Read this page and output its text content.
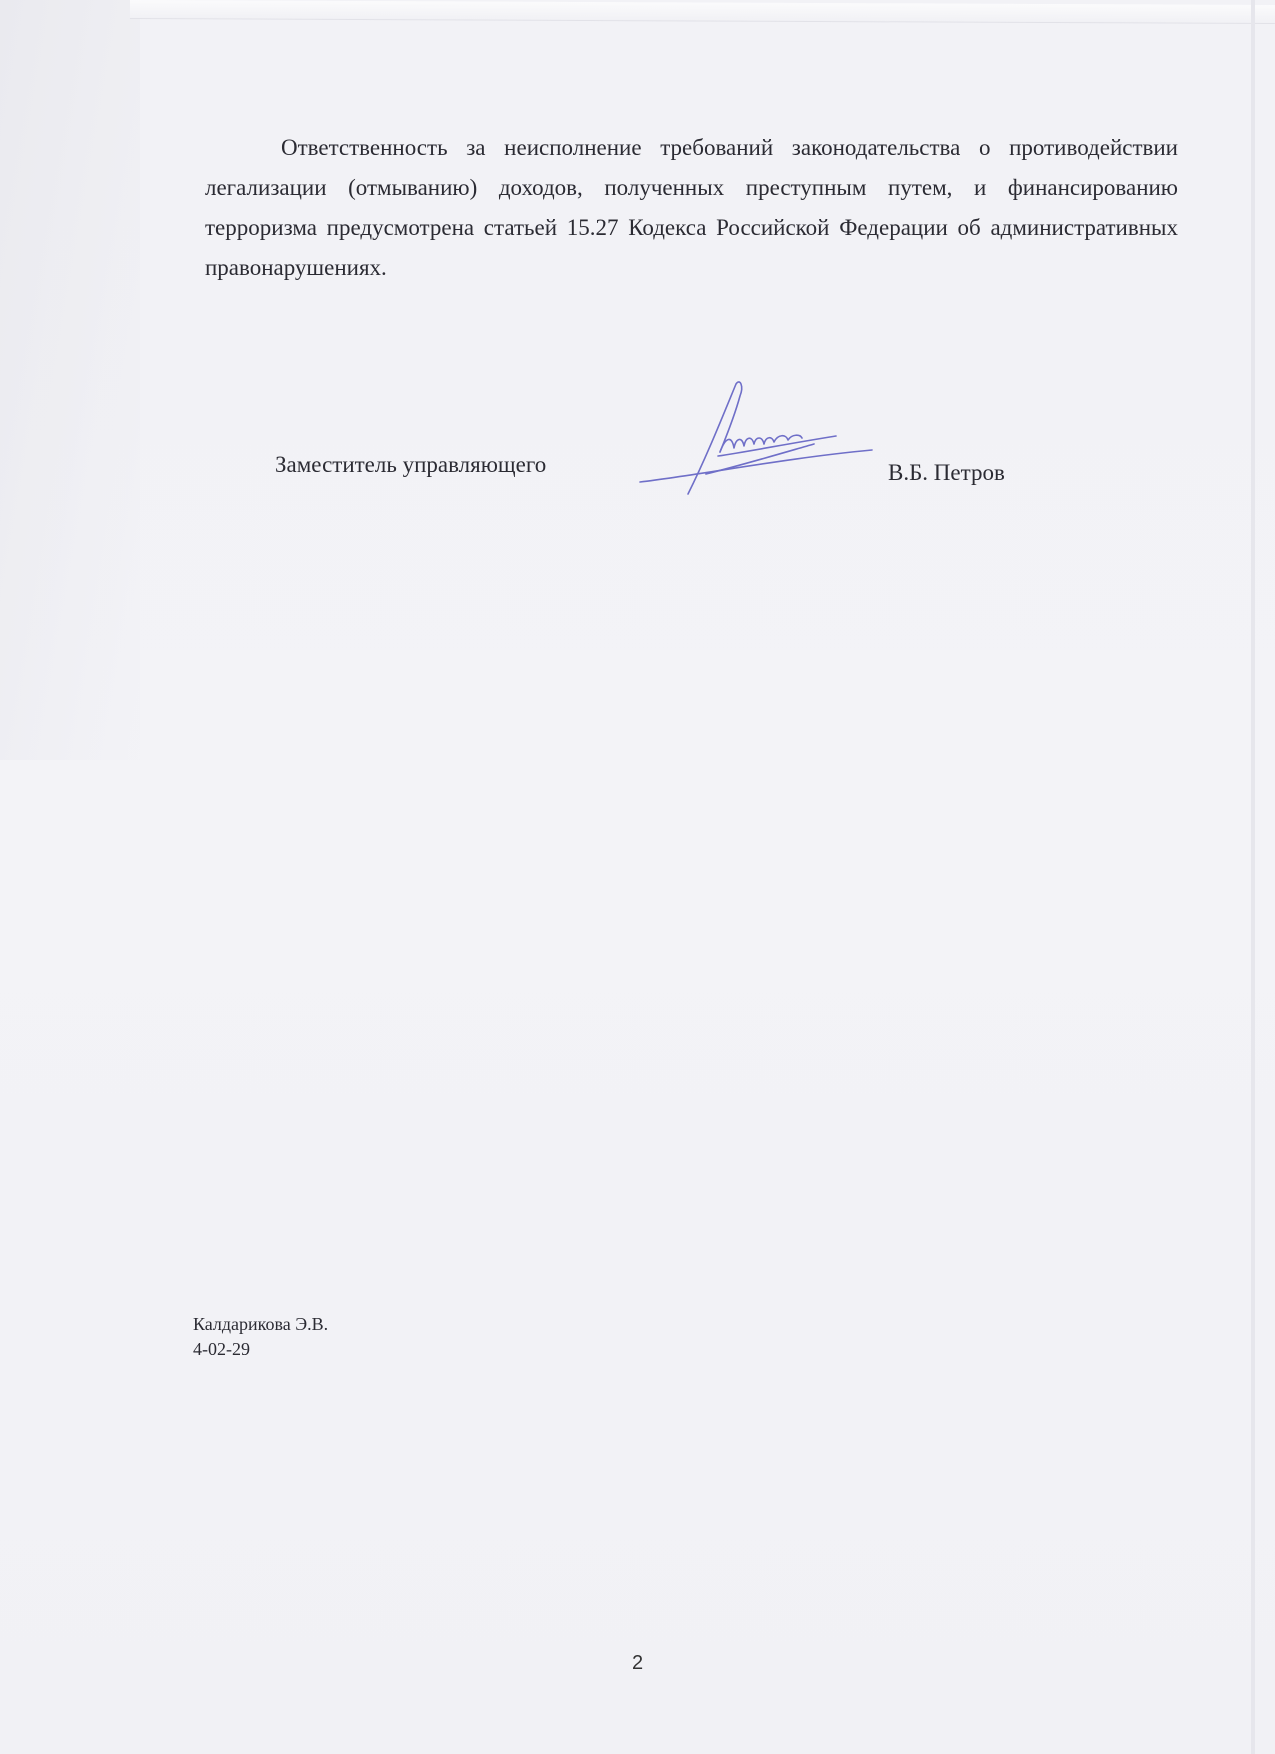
Ответственность за неисполнение требований законодательства о противодействии легализации (отмыванию) доходов, полученных преступным путем, и финансированию терроризма предусмотрена статьей 15.27 Кодекса Российской Федерации об административных правонарушениях.

Заместитель управляющего	В.Б. Петров
Калдарикова Э.В.
4-02-29
2
